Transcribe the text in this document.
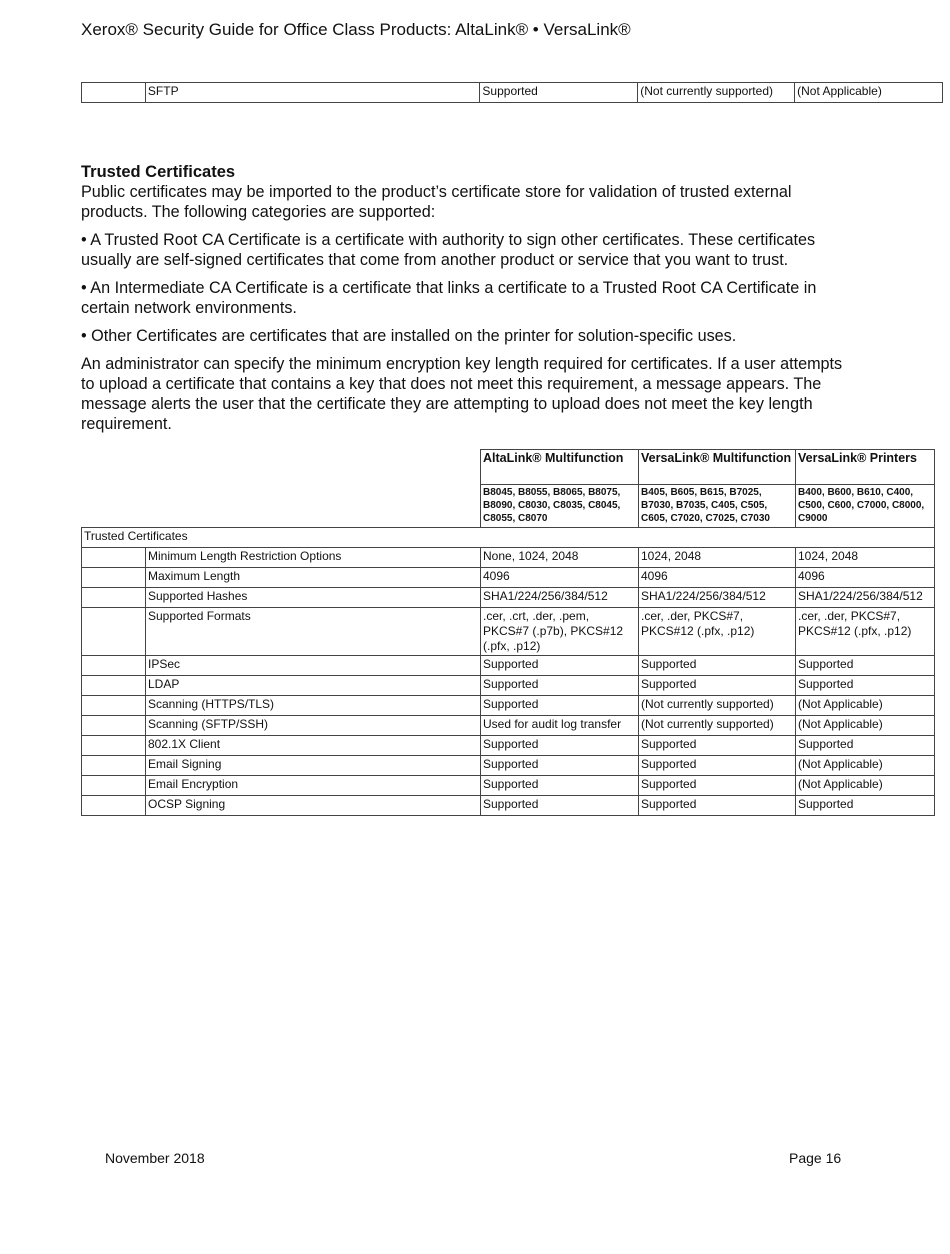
Xerox® Security Guide for Office Class Products: AltaLink® • VersaLink®
	SFTP	Supported	(Not currently supported)	(Not Applicable)
Trusted Certificates

Public certificates may be imported to the product’s certificate store for validation of trusted external products. The following categories are supported:

• A Trusted Root CA Certificate is a certificate with authority to sign other certificates. These certificates usually are self-signed certificates that come from another product or service that you want to trust.

• An Intermediate CA Certificate is a certificate that links a certificate to a Trusted Root CA Certificate in certain network environments.

• Other Certificates are certificates that are installed on the printer for solution-specific uses.

An administrator can specify the minimum encryption key length required for certificates. If a user attempts to upload a certificate that contains a key that does not meet this requirement, a message appears. The message alerts the user that the certificate they are attempting to upload does not meet the key length requirement.

		AltaLink® Multifunction	VersaLink® Multifunction	VersaLink® Printers
		B8045, B8055, B8065, B8075, B8090, C8030, C8035, C8045, C8055, C8070	B405, B605, B615, B7025, B7030, B7035, C405, C505, C605, C7020, C7025, C7030	B400, B600, B610, C400, C500, C600, C7000, C8000, C9000
Trusted Certificates				
	Minimum Length Restriction Options	None, 1024, 2048	1024, 2048	1024, 2048
	Maximum Length	4096	4096	4096
	Supported Hashes	SHA1/224/256/384/512	SHA1/224/256/384/512	SHA1/224/256/384/512
	Supported Formats	.cer, .crt, .der, .pem, PKCS#7 (.p7b), PKCS#12 (.pfx, .p12)	.cer, .der, PKCS#7, PKCS#12 (.pfx, .p12)	.cer, .der, PKCS#7, PKCS#12 (.pfx, .p12)
	IPSec	Supported	Supported	Supported
	LDAP	Supported	Supported	Supported
	Scanning (HTTPS/TLS)	Supported	(Not currently supported)	(Not Applicable)
	Scanning (SFTP/SSH)	Used for audit log transfer	(Not currently supported)	(Not Applicable)
	802.1X Client	Supported	Supported	Supported
	Email Signing	Supported	Supported	(Not Applicable)
	Email Encryption	Supported	Supported	(Not Applicable)
	OCSP Signing	Supported	Supported	Supported
November 2018	Page 16
